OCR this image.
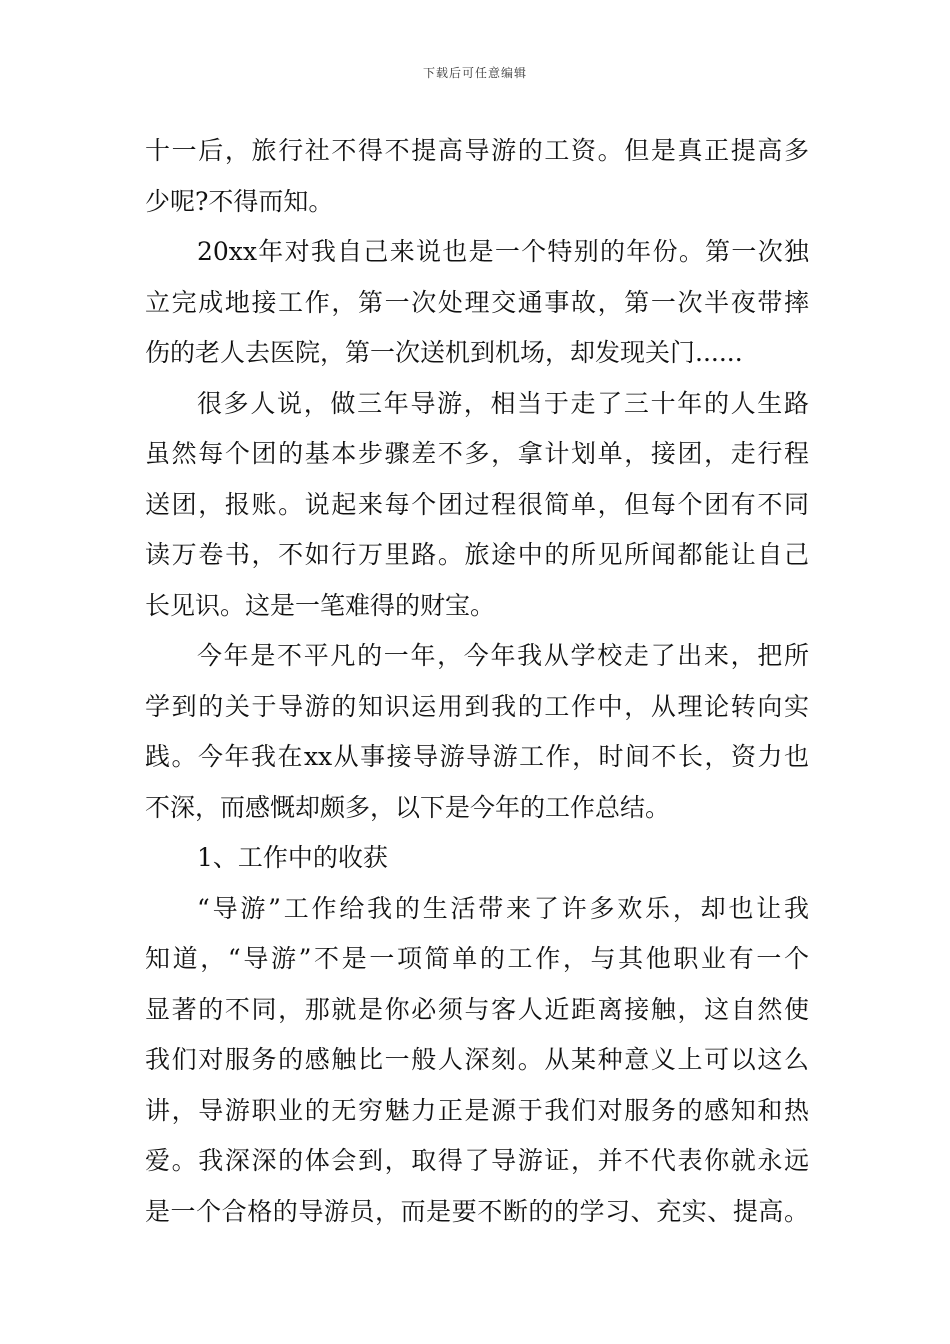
下载后可任意编辑
十一后，旅行社不得不提高导游的工资。但是真正提高多
少呢?不得而知。
20xx年对我自己来说也是一个特别的年份。第一次独
立完成地接工作，第一次处理交通事故，第一次半夜带摔
伤的老人去医院，第一次送机到机场，却发现关门......
很多人说，做三年导游，相当于走了三十年的人生路
虽然每个团的基本步骤差不多，拿计划单，接团，走行程
送团，报账。说起来每个团过程很简单，但每个团有不同
读万卷书，不如行万里路。旅途中的所见所闻都能让自己
长见识。这是一笔难得的财宝。
今年是不平凡的一年，今年我从学校走了出来，把所
学到的关于导游的知识运用到我的工作中，从理论转向实
践。今年我在xx从事接导游导游工作，时间不长，资力也
不深，而感慨却颇多，以下是今年的工作总结。
1、工作中的收获
“导游”工作给我的生活带来了许多欢乐，却也让我
知道，“导游”不是一项简单的工作，与其他职业有一个
显著的不同，那就是你必须与客人近距离接触，这自然使
我们对服务的感触比一般人深刻。从某种意义上可以这么
讲，导游职业的无穷魅力正是源于我们对服务的感知和热
爱。我深深的体会到，取得了导游证，并不代表你就永远
是一个合格的导游员，而是要不断的的学习、充实、提高。
